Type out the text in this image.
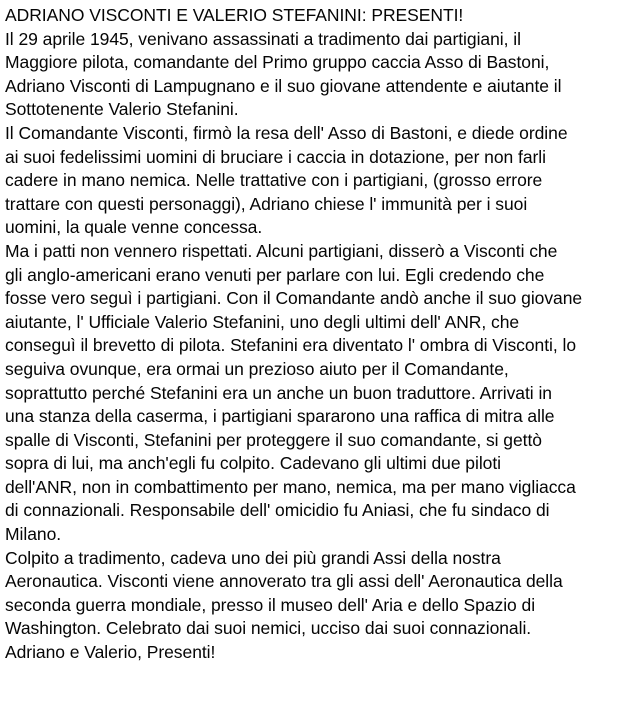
ADRIANO VISCONTI E VALERIO STEFANINI: PRESENTI!

Il 29 aprile 1945, venivano assassinati a tradimento dai partigiani, il

Maggiore pilota, comandante del Primo gruppo caccia Asso di Bastoni,

Adriano Visconti di Lampugnano e il suo giovane attendente e aiutante il

Sottotenente Valerio Stefanini.

Il Comandante Visconti, firmò la resa dell' Asso di Bastoni, e diede ordine

ai suoi fedelissimi uomini di bruciare i caccia in dotazione, per non farli

cadere in mano nemica. Nelle trattative con i partigiani, (grosso errore

trattare con questi personaggi), Adriano chiese l' immunità per i suoi

uomini, la quale venne concessa.

Ma i patti non vennero rispettati. Alcuni partigiani, disserò a Visconti che

gli anglo-americani erano venuti per parlare con lui. Egli credendo che

fosse vero seguì i partigiani. Con il Comandante andò anche il suo giovane

aiutante, l' Ufficiale Valerio Stefanini, uno degli ultimi dell' ANR, che

conseguì il brevetto di pilota. Stefanini era diventato l' ombra di Visconti, lo

seguiva ovunque, era ormai un prezioso aiuto per il Comandante,

soprattutto perché Stefanini era un anche un buon traduttore. Arrivati in

una stanza della caserma, i partigiani spararono una raffica di mitra alle

spalle di Visconti, Stefanini per proteggere il suo comandante, si gettò

sopra di lui, ma anch'egli fu colpito. Cadevano gli ultimi due piloti

dell'ANR, non in combattimento per mano, nemica, ma per mano vigliacca

di connazionali. Responsabile dell' omicidio fu Aniasi, che fu sindaco di

Milano.

Colpito a tradimento, cadeva uno dei più grandi Assi della nostra

Aeronautica. Visconti viene annoverato tra gli assi dell' Aeronautica della

seconda guerra mondiale, presso il museo dell' Aria e dello Spazio di

Washington. Celebrato dai suoi nemici, ucciso dai suoi connazionali.

Adriano e Valerio, Presenti!
